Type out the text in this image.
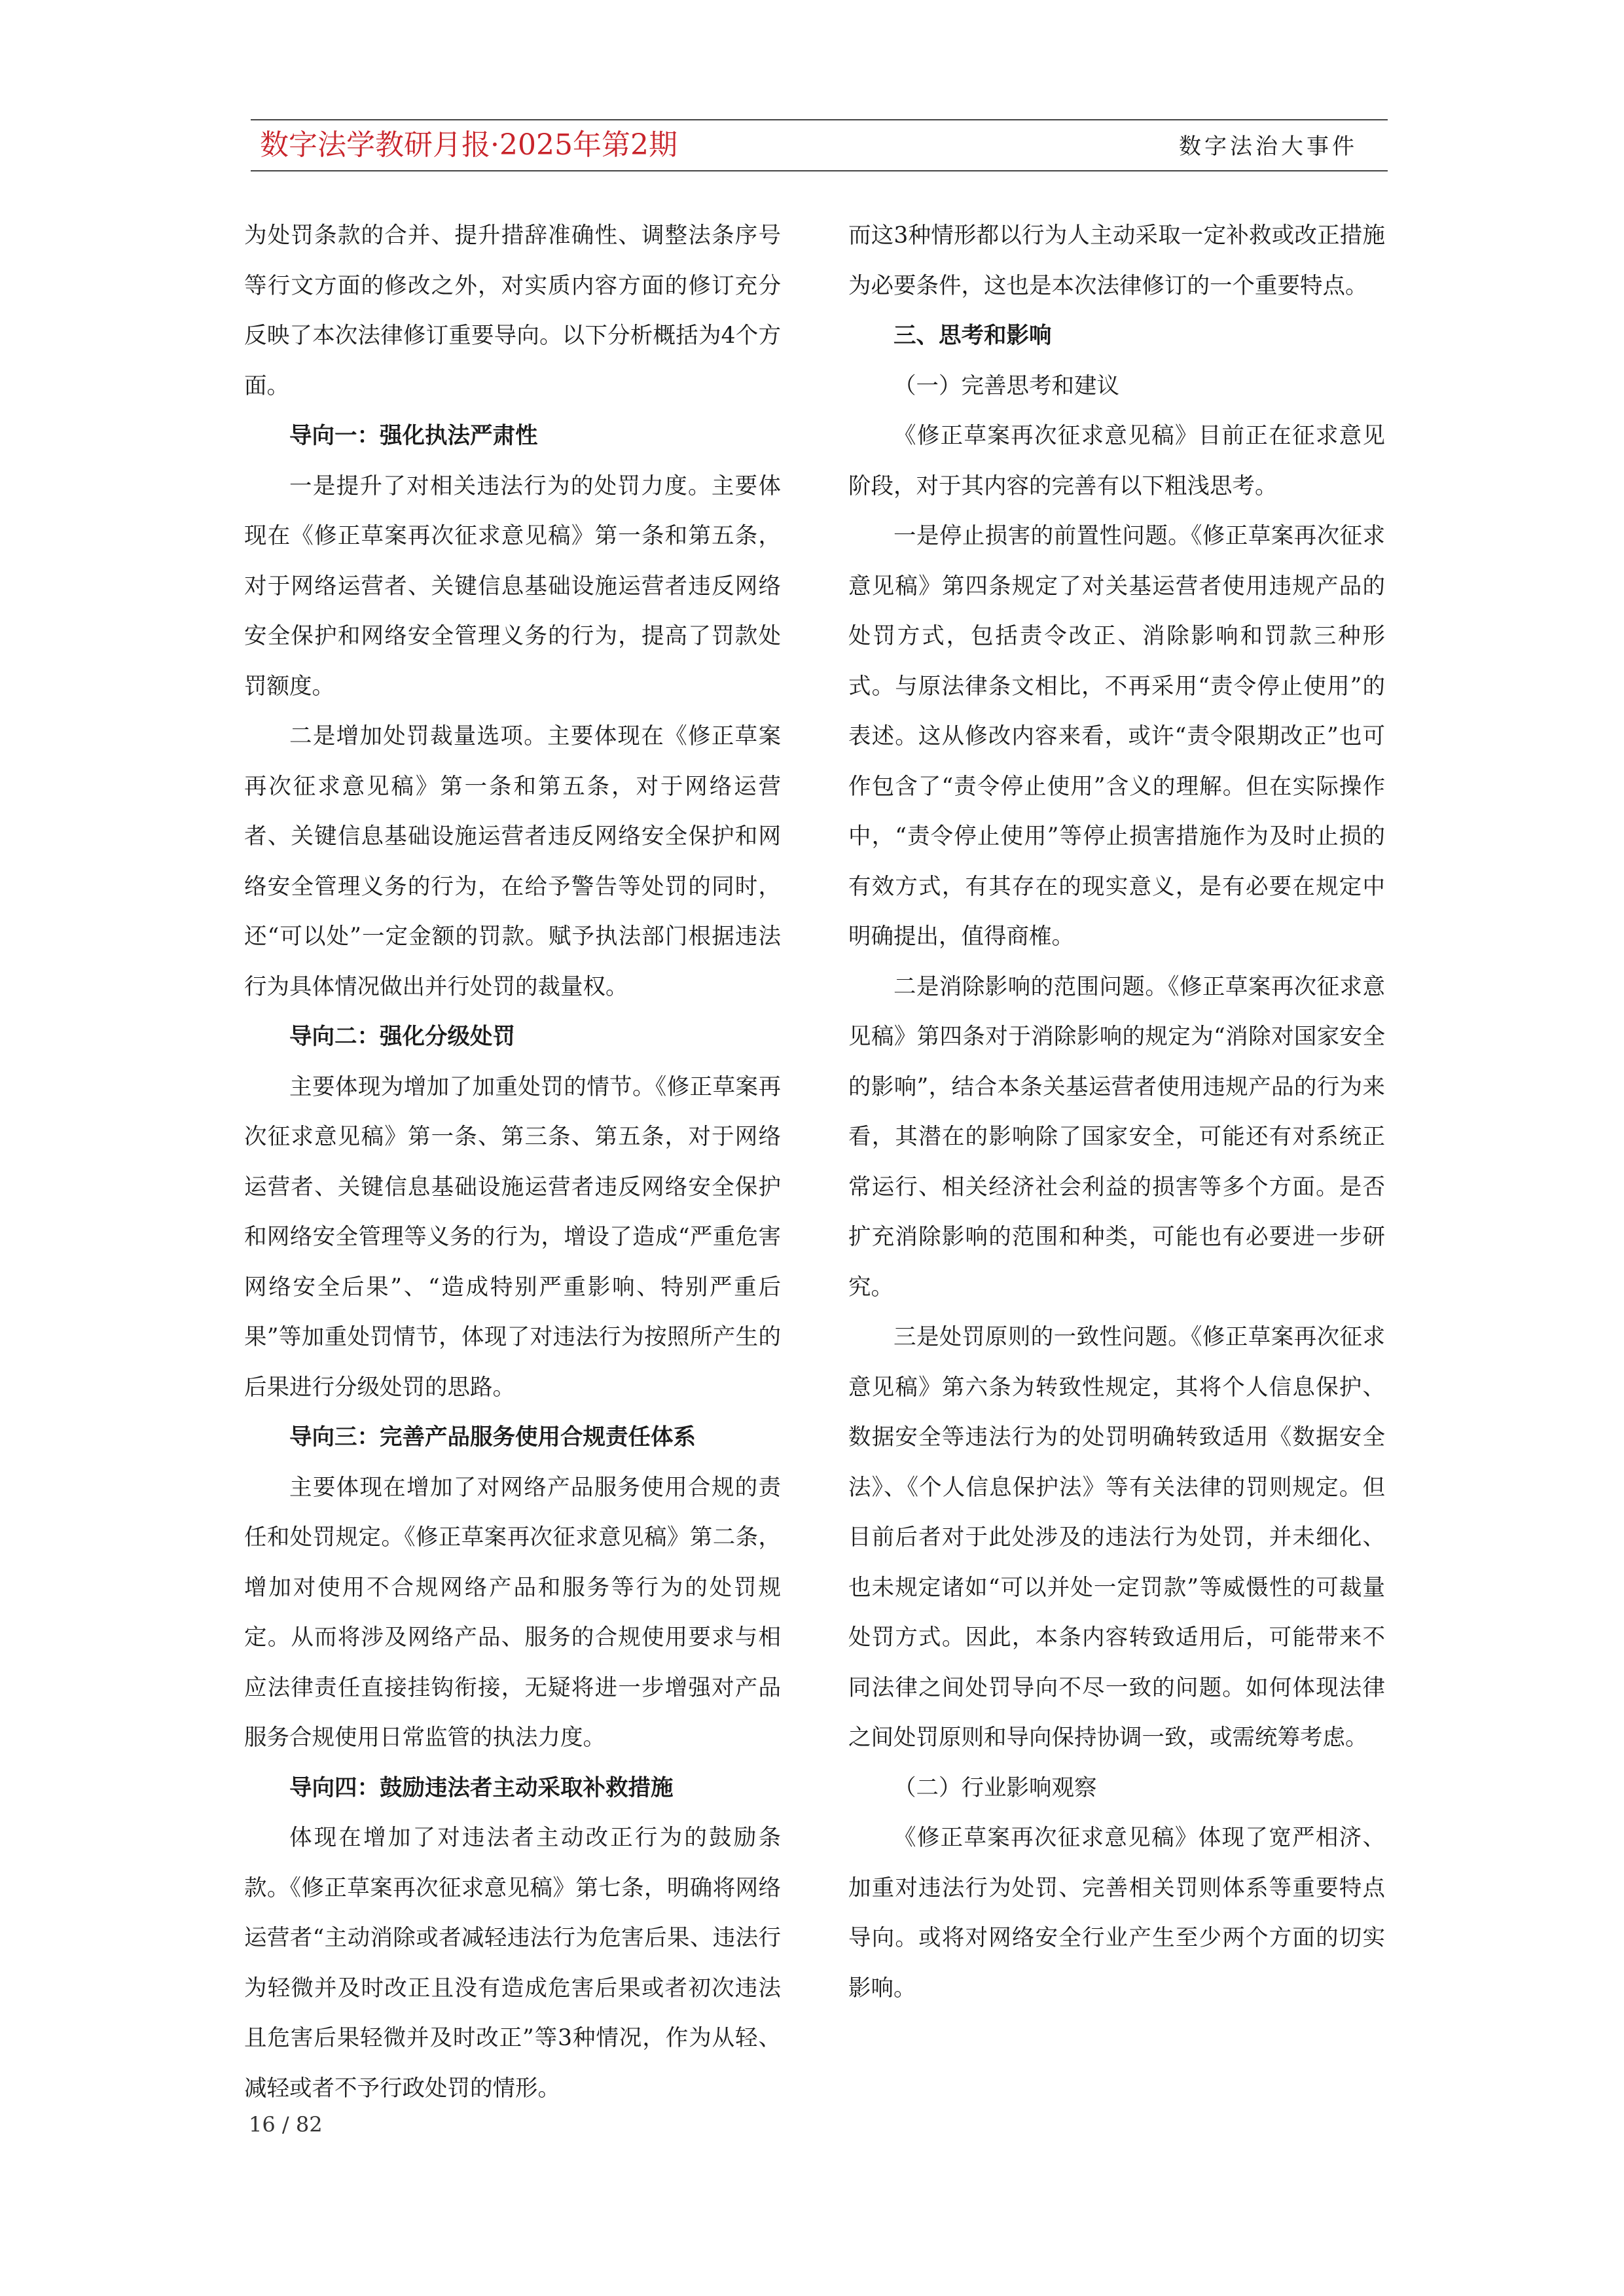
数字法学教研月报·2025年第2期	数字法治大事件

为处罚条款的合并、提升措辞准确性、调整法条序号等行文方面的修改之外，对实质内容方面的修订充分反映了本次法律修订重要导向。以下分析概括为4个方面。

导向一：强化执法严肃性

一是提升了对相关违法行为的处罚力度。主要体现在《修正草案再次征求意见稿》第一条和第五条，对于网络运营者、关键信息基础设施运营者违反网络安全保护和网络安全管理义务的行为，提高了罚款处罚额度。

二是增加处罚裁量选项。主要体现在《修正草案再次征求意见稿》第一条和第五条，对于网络运营者、关键信息基础设施运营者违反网络安全保护和网络安全管理义务的行为，在给予警告等处罚的同时，还“可以处”一定金额的罚款。赋予执法部门根据违法行为具体情况做出并行处罚的裁量权。

导向二：强化分级处罚

主要体现为增加了加重处罚的情节。《修正草案再次征求意见稿》第一条、第三条、第五条，对于网络运营者、关键信息基础设施运营者违反网络安全保护和网络安全管理等义务的行为，增设了造成“严重危害网络安全后果”、“造成特别严重影响、特别严重后果”等加重处罚情节，体现了对违法行为按照所产生的后果进行分级处罚的思路。

导向三：完善产品服务使用合规责任体系

主要体现在增加了对网络产品服务使用合规的责任和处罚规定。《修正草案再次征求意见稿》第二条，增加对使用不合规网络产品和服务等行为的处罚规定。从而将涉及网络产品、服务的合规使用要求与相应法律责任直接挂钩衔接，无疑将进一步增强对产品服务合规使用日常监管的执法力度。

导向四：鼓励违法者主动采取补救措施

体现在增加了对违法者主动改正行为的鼓励条款。《修正草案再次征求意见稿》第七条，明确将网络运营者“主动消除或者减轻违法行为危害后果、违法行为轻微并及时改正且没有造成危害后果或者初次违法且危害后果轻微并及时改正”等3种情况，作为从轻、减轻或者不予行政处罚的情形。

而这3种情形都以行为人主动采取一定补救或改正措施为必要条件，这也是本次法律修订的一个重要特点。

三、思考和影响

（一）完善思考和建议

《修正草案再次征求意见稿》目前正在征求意见阶段，对于其内容的完善有以下粗浅思考。

一是停止损害的前置性问题。《修正草案再次征求意见稿》第四条规定了对关基运营者使用违规产品的处罚方式，包括责令改正、消除影响和罚款三种形式。与原法律条文相比，不再采用“责令停止使用”的表述。这从修改内容来看，或许“责令限期改正”也可作包含了“责令停止使用”含义的理解。但在实际操作中，“责令停止使用”等停止损害措施作为及时止损的有效方式，有其存在的现实意义，是有必要在规定中明确提出，值得商榷。

二是消除影响的范围问题。《修正草案再次征求意见稿》第四条对于消除影响的规定为“消除对国家安全的影响”，结合本条关基运营者使用违规产品的行为来看，其潜在的影响除了国家安全，可能还有对系统正常运行、相关经济社会利益的损害等多个方面。是否扩充消除影响的范围和种类，可能也有必要进一步研究。

三是处罚原则的一致性问题。《修正草案再次征求意见稿》第六条为转致性规定，其将个人信息保护、数据安全等违法行为的处罚明确转致适用《数据安全法》、《个人信息保护法》等有关法律的罚则规定。但目前后者对于此处涉及的违法行为处罚，并未细化、也未规定诸如“可以并处一定罚款”等威慑性的可裁量处罚方式。因此，本条内容转致适用后，可能带来不同法律之间处罚导向不尽一致的问题。如何体现法律之间处罚原则和导向保持协调一致，或需统筹考虑。

（二）行业影响观察

《修正草案再次征求意见稿》体现了宽严相济、加重对违法行为处罚、完善相关罚则体系等重要特点导向。或将对网络安全行业产生至少两个方面的切实影响。

16 / 82
